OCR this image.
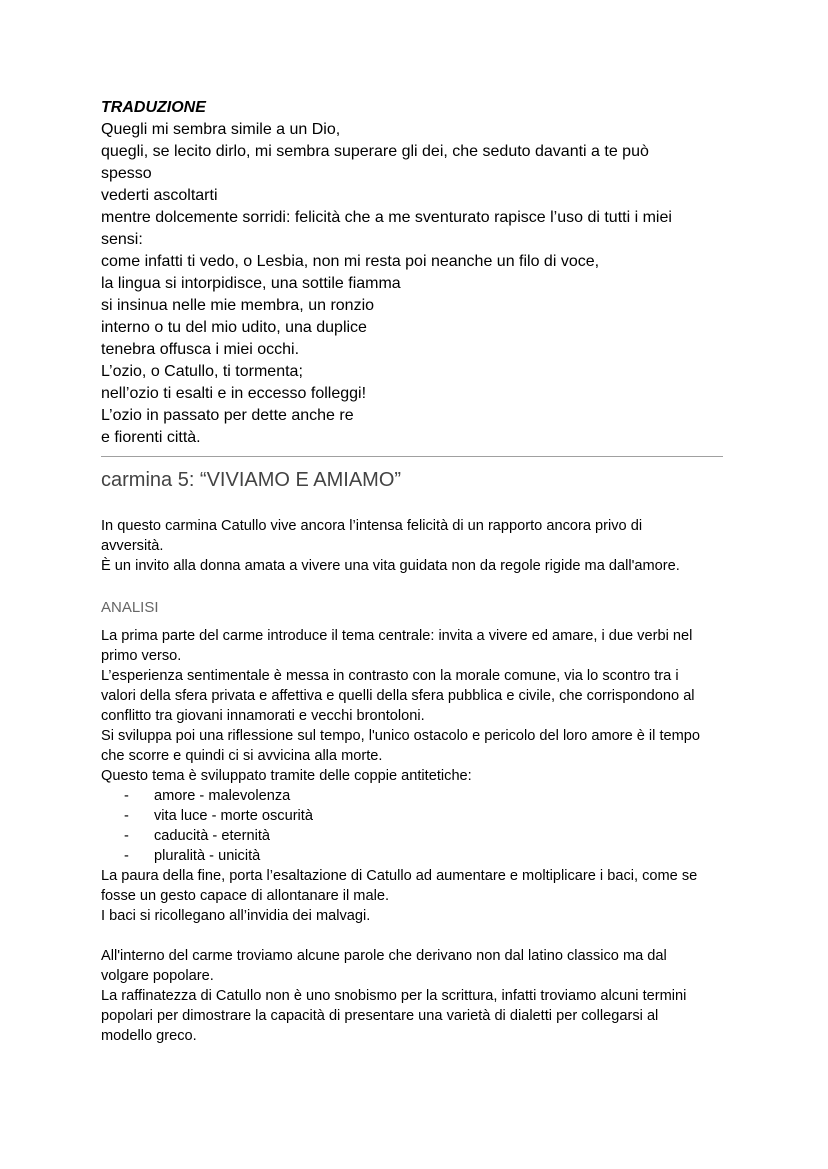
TRADUZIONE
Quegli mi sembra simile a un Dio,
quegli, se lecito dirlo, mi sembra superare gli dei, che seduto davanti a te può
spesso
vederti ascoltarti
mentre dolcemente sorridi: felicità che a me sventurato rapisce l’uso di tutti i miei
sensi:
come infatti ti vedo, o Lesbia, non mi resta poi neanche un filo di voce,
la lingua si intorpidisce, una sottile fiamma
si insinua nelle mie membra, un ronzio
interno o tu del mio udito, una duplice
tenebra offusca i miei occhi.
L’ozio, o Catullo, ti tormenta;
nell’ozio ti esalti e in eccesso folleggi!
L’ozio in passato per dette anche re
e fiorenti città.
carmina 5: “VIVIAMO E AMIAMO”
In questo carmina Catullo vive ancora l’intensa felicità di un rapporto ancora privo di
avversità.
È un invito alla donna amata a vivere una vita guidata non da regole rigide ma dall'amore.
ANALISI
La prima parte del carme introduce il tema centrale: invita a vivere ed amare, i due verbi nel
primo verso.
L’esperienza sentimentale è messa in contrasto con la morale comune, via lo scontro tra i
valori della sfera privata e affettiva e quelli della sfera pubblica e civile, che corrispondono al
conflitto tra giovani innamorati e vecchi brontoloni.
Si sviluppa poi una riflessione sul tempo, l'unico ostacolo e pericolo del loro amore è il tempo
che scorre e quindi ci si avvicina alla morte.
Questo tema è sviluppato tramite delle coppie antitetiche:
- amore - malevolenza
- vita luce - morte oscurità
- caducità - eternità
- pluralità - unicità
La paura della fine, porta l’esaltazione di Catullo ad aumentare e moltiplicare i baci, come se
fosse un gesto capace di allontanare il male.
I baci si ricollegano all’invidia dei malvagi.
All'interno del carme troviamo alcune parole che derivano non dal latino classico ma dal
volgare popolare.
La raffinatezza di Catullo non è uno snobismo per la scrittura, infatti troviamo alcuni termini
popolari per dimostrare la capacità di presentare una varietà di dialetti per collegarsi al
modello greco.
